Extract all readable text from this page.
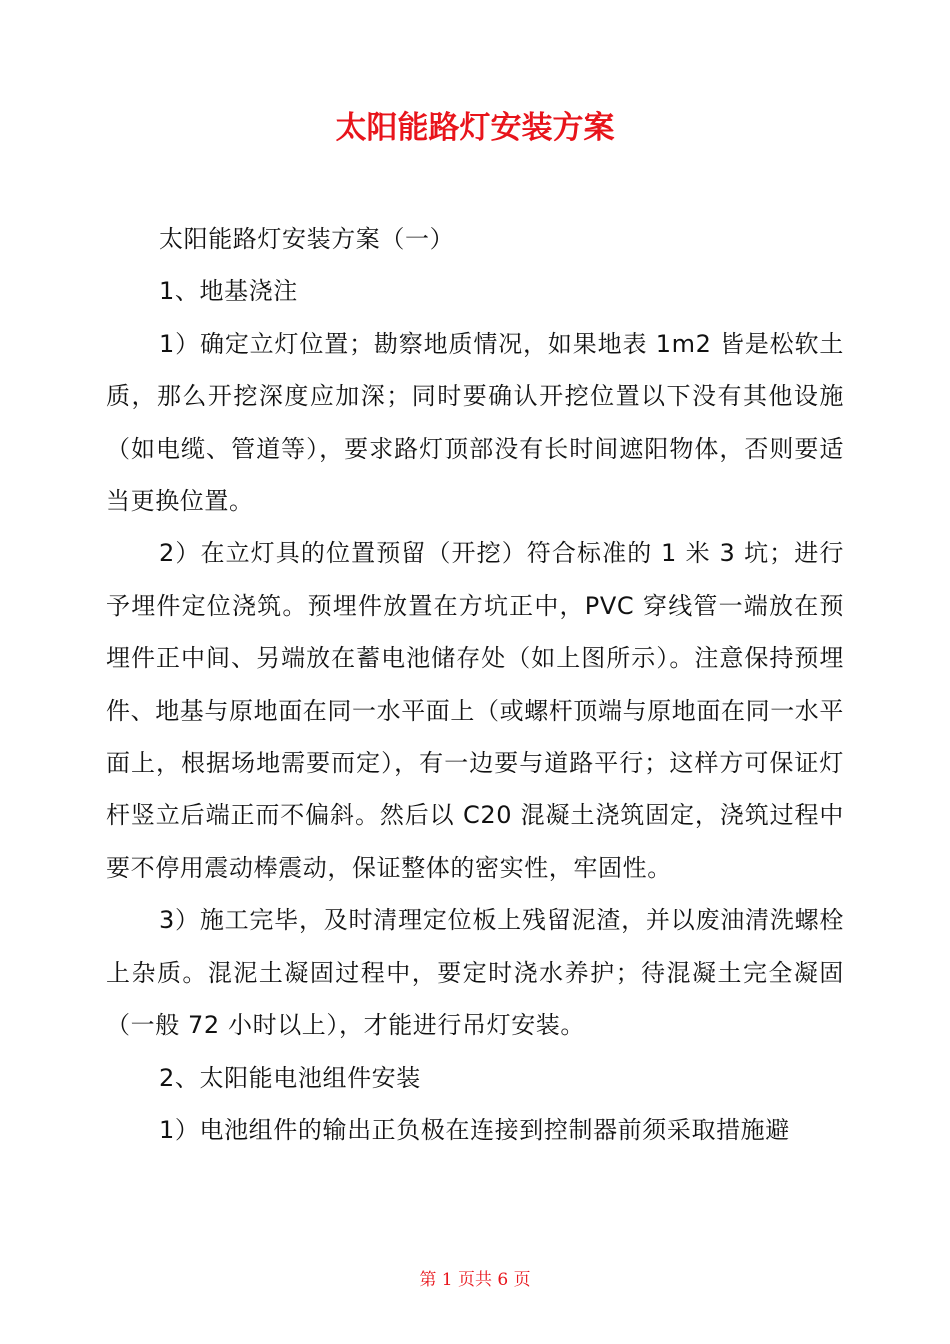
太阳能路灯安装方案

太阳能路灯安装方案（一）

1、地基浇注

1）确定立灯位置；勘察地质情况，如果地表 1m2 皆是松软土质，那么开挖深度应加深；同时要确认开挖位置以下没有其他设施（如电缆、管道等），要求路灯顶部没有长时间遮阳物体，否则要适当更换位置。

2）在立灯具的位置预留（开挖）符合标准的 1 米 3 坑；进行予埋件定位浇筑。预埋件放置在方坑正中，PVC 穿线管一端放在预埋件正中间、另端放在蓄电池储存处（如上图所示）。注意保持预埋件、地基与原地面在同一水平面上（或螺杆顶端与原地面在同一水平面上，根据场地需要而定），有一边要与道路平行；这样方可保证灯杆竖立后端正而不偏斜。然后以 C20 混凝土浇筑固定，浇筑过程中要不停用震动棒震动，保证整体的密实性，牢固性。

3）施工完毕，及时清理定位板上残留泥渣，并以废油清洗螺栓上杂质。混泥土凝固过程中，要定时浇水养护；待混凝土完全凝固（一般 72 小时以上），才能进行吊灯安装。

2、太阳能电池组件安装

1）电池组件的输出正负极在连接到控制器前须采取措施避

第 1 页共 6 页
